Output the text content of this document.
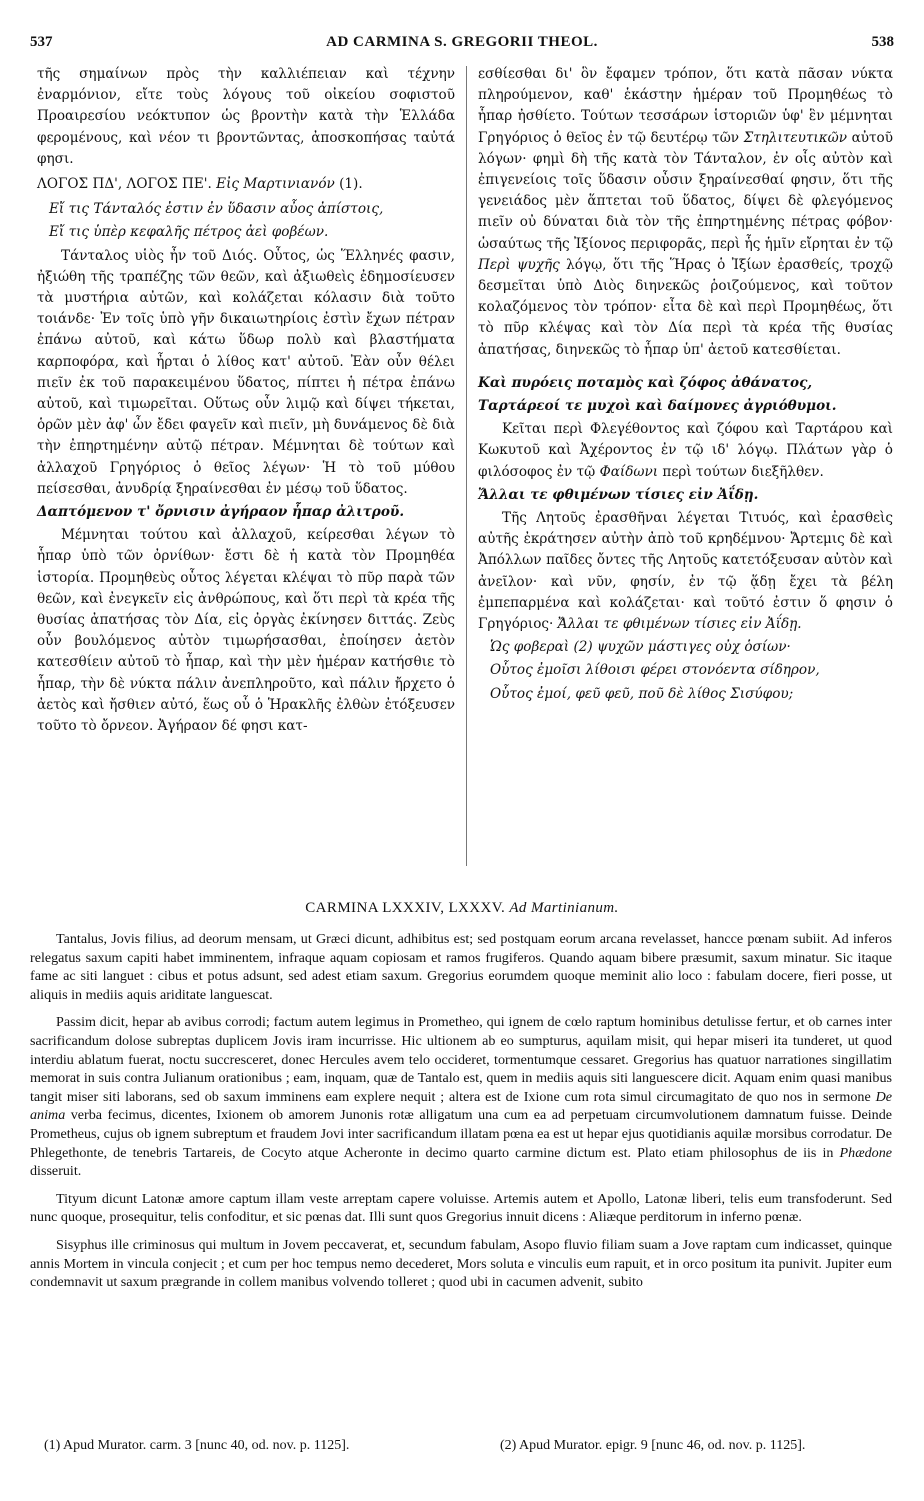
537	AD CARMINA S. GREGORII THEOL.	538

τῆς σημαίνων πρὸς τὴν καλλιέπειαν καὶ τέχνην ἐναρμόνιον, εἴτε τοὺς λόγους τοῦ οἰκείου σοφιστοῦ Προαιρεσίου νεόκτυπον ὡς βροντὴν κατὰ τὴν Ἑλλάδα φερομένους, καὶ νέον τι βροντῶντας, ἀποσκοπήσας ταὐτά φησι.

ΛΟΓΟΣ ΠΔ', ΛΟΓΟΣ ΠΕ'. Εἰς Μαρτινιανόν (1).

Εἴ τις Τάνταλός ἐστιν ἐν ὕδασιν αὖος ἀπίστοις,

Εἴ τις ὑπὲρ κεφαλῆς πέτρος ἀεὶ φοβέων.

Τάνταλος υἱὸς ἦν τοῦ Διός. Οὗτος, ὡς Ἕλληνές φασιν, ἠξιώθη τῆς τραπέζης τῶν θεῶν, καὶ ἀξιωθεὶς ἐδημοσίευσεν τὰ μυστήρια αὐτῶν, καὶ κολάζεται κόλασιν διὰ τοῦτο τοιάνδε· Ἐν τοῖς ὑπὸ γῆν δικαιωτηρίοις ἐστὶν ἔχων πέτραν ἐπάνω αὐτοῦ, καὶ κάτω ὕδωρ πολὺ καὶ βλαστήματα καρποφόρα, καὶ ἦρται ὁ λίθος κατ' αὐτοῦ. Ἐὰν οὖν θέλει πιεῖν ἐκ τοῦ παρακειμένου ὕδατος, πίπτει ἡ πέτρα ἐπάνω αὐτοῦ, καὶ τιμωρεῖται. Οὕτως οὖν λιμῷ καὶ δίψει τήκεται, ὁρῶν μὲν ἀφ' ὧν ἔδει φαγεῖν καὶ πιεῖν, μὴ δυνάμενος δὲ διὰ τὴν ἐπηρτημένην αὐτῷ πέτραν. Μέμνηται δὲ τούτων καὶ ἀλλαχοῦ Γρηγόριος ὁ θεῖος λέγων· Ἡ τὸ τοῦ μύθου πείσεσθαι, ἀνυδρίᾳ ξηραίνεσθαι ἐν μέσῳ τοῦ ὕδατος.

Δαπτόμενον τ' ὄρνισιν ἀγήραον ἧπαρ ἀλιτροῦ.

Μέμνηται τούτου καὶ ἀλλαχοῦ, κείρεσθαι λέγων τὸ ἧπαρ ὑπὸ τῶν ὀρνίθων· ἔστι δὲ ἡ κατὰ τὸν Προμηθέα ἱστορία. Προμηθεὺς οὗτος λέγεται κλέψαι τὸ πῦρ παρὰ τῶν θεῶν, καὶ ἐνεγκεῖν εἰς ἀνθρώπους, καὶ ὅτι περὶ τὰ κρέα τῆς θυσίας ἀπατήσας τὸν Δία, εἰς ὀργὰς ἐκίνησεν διττάς. Ζεὺς οὖν βουλόμενος αὐτὸν τιμωρήσασθαι, ἐποίησεν ἀετὸν κατεσθίειν αὐτοῦ τὸ ἧπαρ, καὶ τὴν μὲν ἡμέραν κατήσθιε τὸ ἧπαρ, τὴν δὲ νύκτα πάλιν ἀνεπληροῦτο, καὶ πάλιν ἤρχετο ὁ ἀετὸς καὶ ἤσθιεν αὐτό, ἕως οὗ ὁ Ἡρακλῆς ἐλθὼν ἐτόξευσεν τοῦτο τὸ ὄρνεον. Ἀγήραον δέ φησι κατ-

εσθίεσθαι δι' ὃν ἔφαμεν τρόπον, ὅτι κατὰ πᾶσαν νύκτα πληρούμενον, καθ' ἑκάστην ἡμέραν τοῦ Προμηθέως τὸ ἧπαρ ἠσθίετο. Τούτων τεσσάρων ἱστοριῶν ὑφ' ἓν μέμνηται Γρηγόριος ὁ θεῖος ἐν τῷ δευτέρῳ τῶν Στηλιτευτικῶν αὐτοῦ λόγων· φημὶ δὴ τῆς κατὰ τὸν Τάνταλον, ἐν οἷς αὐτὸν καὶ ἐπιγενείοις τοῖς ὕδασιν οὖσιν ξηραίνεσθαί φησιν, ὅτι τῆς γενειάδος μὲν ἅπτεται τοῦ ὕδατος, δίψει δὲ φλεγόμενος πιεῖν οὐ δύναται διὰ τὸν τῆς ἐπηρτημένης πέτρας φόβον· ὡσαύτως τῆς Ἰξίονος περιφορᾶς, περὶ ἧς ἡμῖν εἴρηται ἐν τῷ Περὶ ψυχῆς λόγῳ, ὅτι τῆς Ἥρας ὁ Ἰξίων ἐρασθείς, τροχῷ δεσμεῖται ὑπὸ Διὸς διηνεκῶς ῥοιζούμενος, καὶ τοῦτον κολαζόμενος τὸν τρόπον· εἶτα δὲ καὶ περὶ Προμηθέως, ὅτι τὸ πῦρ κλέψας καὶ τὸν Δία περὶ τὰ κρέα τῆς θυσίας ἀπατήσας, διηνεκῶς τὸ ἧπαρ ὑπ' ἀετοῦ κατεσθίεται.

Καὶ πυρόεις ποταμὸς καὶ ζόφος ἀθάνατος,

Ταρτάρεοί τε μυχοὶ καὶ δαίμονες ἀγριόθυμοι.

Κεῖται περὶ Φλεγέθοντος καὶ ζόφου καὶ Ταρτάρου καὶ Κωκυτοῦ καὶ Ἀχέροντος ἐν τῷ ιδ' λόγῳ. Πλάτων γὰρ ὁ φιλόσοφος ἐν τῷ Φαίδωνι περὶ τούτων διεξῆλθεν.

Ἄλλαι τε φθιμένων τίσιες εἰν Ἀΐδῃ.

Τῆς Λητοῦς ἐρασθῆναι λέγεται Τιτυός, καὶ ἐρασθεὶς αὐτῆς ἐκράτησεν αὐτὴν ἀπὸ τοῦ κρηδέμνου· Ἄρτεμις δὲ καὶ Ἀπόλλων παῖδες ὄντες τῆς Λητοῦς κατετόξευσαν αὐτὸν καὶ ἀνεῖλον· καὶ νῦν, φησίν, ἐν τῷ ᾅδῃ ἔχει τὰ βέλη ἐμπεπαρμένα καὶ κολάζεται· καὶ τοῦτό ἐστιν ὅ φησιν ὁ Γρηγόριος· Ἄλλαι τε φθιμένων τίσιες εἰν Ἀΐδῃ.

Ὡς φοβεραὶ (2) ψυχῶν μάστιγες οὐχ ὁσίων·

Οὗτος ἐμοῖσι λίθοισι φέρει στονόεντα σίδηρον,

Οὗτος ἐμοί, φεῦ φεῦ, ποῦ δὲ λίθος Σισύφου;

CARMINA LXXXIV, LXXXV. Ad Martinianum.

Tantalus, Jovis filius, ad deorum mensam, ut Græci dicunt, adhibitus est; sed postquam eorum arcana revelasset, hancce pœnam subiit. Ad inferos relegatus saxum capiti habet imminentem, infraque aquam copiosam et ramos frugiferos. Quando aquam bibere præsumit, saxum minatur. Sic itaque fame ac siti languet : cibus et potus adsunt, sed adest etiam saxum. Gregorius eorumdem quoque meminit alio loco : fabulam docere, fieri posse, ut aliquis in mediis aquis ariditate languescat.

Passim dicit, hepar ab avibus corrodi; factum autem legimus in Prometheo, qui ignem de cœlo raptum hominibus detulisse fertur, et ob carnes inter sacrificandum dolose subreptas duplicem Jovis iram incurrisse. Hic ultionem ab eo sumpturus, aquilam misit, qui hepar miseri ita tunderet, ut quod interdiu ablatum fuerat, noctu succresceret, donec Hercules avem telo occideret, tormentumque cessaret. Gregorius has quatuor narrationes singillatim memorat in suis contra Julianum orationibus ; eam, inquam, quæ de Tantalo est, quem in mediis aquis siti languescere dicit. Aquam enim quasi manibus tangit miser siti laborans, sed ob saxum imminens eam explere nequit ; altera est de Ixione cum rota simul circumagitato de quo nos in sermone De anima verba fecimus, dicentes, Ixionem ob amorem Junonis rotæ alligatum una cum ea ad perpetuam circumvolutionem damnatum fuisse. Deinde Prometheus, cujus ob ignem subreptum et fraudem Jovi inter sacrificandum illatam pœna ea est ut hepar ejus quotidianis aquilæ morsibus corrodatur. De Phlegethonte, de tenebris Tartareis, de Cocyto atque Acheronte in decimo quarto carmine dictum est. Plato etiam philosophus de iis in Phædone disseruit.

Tityum dicunt Latonæ amore captum illam veste arreptam capere voluisse. Artemis autem et Apollo, Latonæ liberi, telis eum transfoderunt. Sed nunc quoque, prosequitur, telis confoditur, et sic pœnas dat. Illi sunt quos Gregorius innuit dicens : Aliæque perditorum in inferno pœnæ.

Sisyphus ille criminosus qui multum in Jovem peccaverat, et, secundum fabulam, Asopo fluvio filiam suam a Jove raptam cum indicasset, quinque annis Mortem in vincula conjecit ; et cum per hoc tempus nemo decederet, Mors soluta e vinculis eum rapuit, et in orco positum ita punivit. Jupiter eum condemnavit ut saxum prægrande in collem manibus volvendo tolleret ; quod ubi in cacumen advenit, subito

(1) Apud Murator. carm. 3 [nunc 40, od. nov. p. 1125].	(2) Apud Murator. epigr. 9 [nunc 46, od. nov. p. 1125].
